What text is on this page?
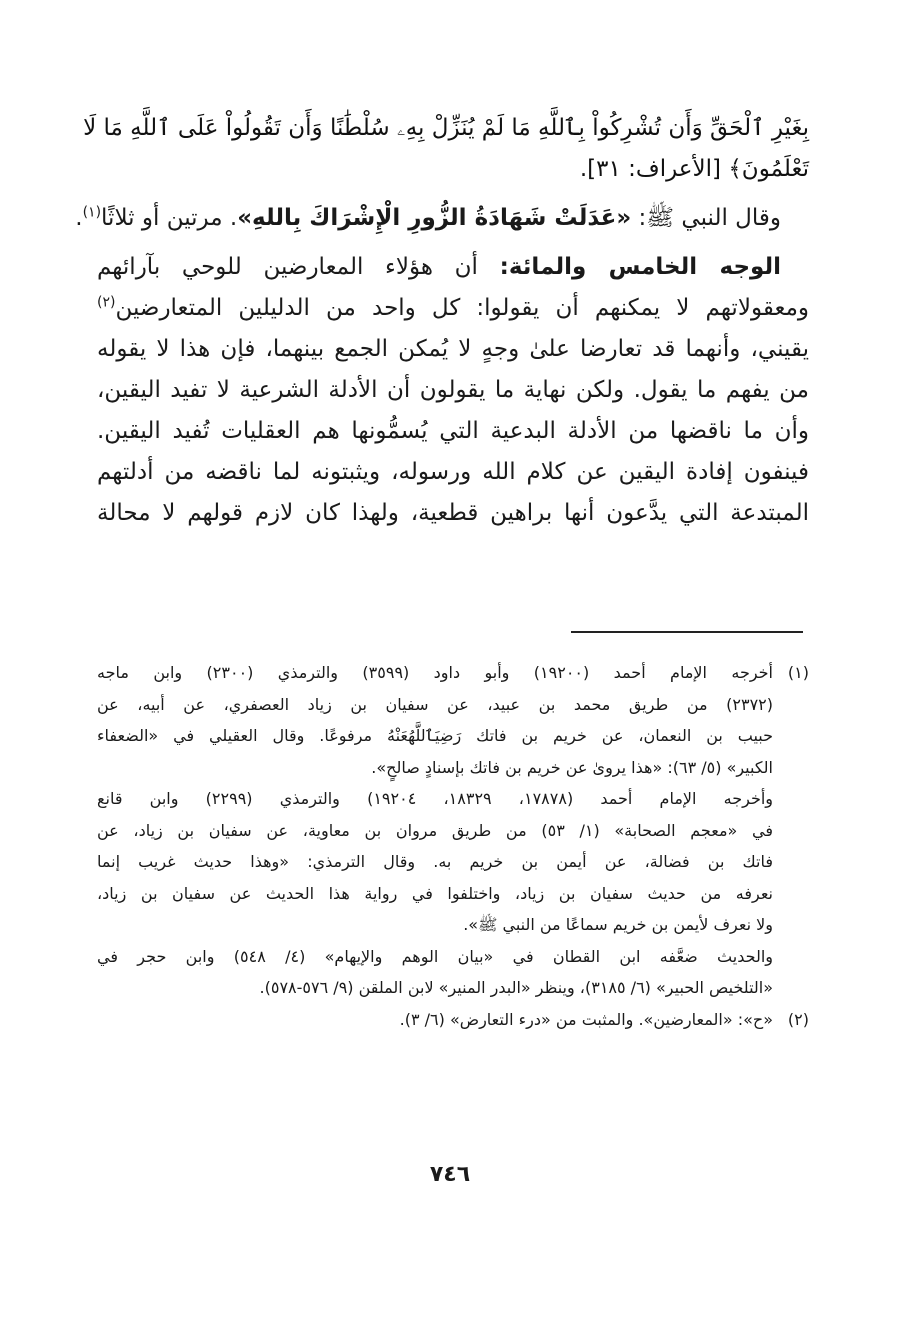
بِغَيْرِ ٱلْحَقِّ وَأَن تُشْرِكُواْ بِٱللَّهِ مَا لَمْ يُنَزِّلْ بِهِۦ سُلْطَٰنًا وَأَن تَقُولُواْ عَلَى ٱللَّهِ مَا لَا
تَعْلَمُونَ﴾ [الأعراف: ٣١].
وقال النبي ﷺ: «عَدَلَتْ شَهَادَةُ الزُّورِ الْإِشْرَاكَ بِاللهِ». مرتين أو ثلاثًا$^{(١)}$.
الوجه الخامس والمائة: أن هؤلاء المعارضين للوحي بآرائهم
ومعقولاتهم لا يمكنهم أن يقولوا: كل واحد من الدليلين المتعارضين$^{(٢)}$
يقيني، وأنهما قد تعارضا علىٰ وجهٍ لا يُمكن الجمع بينهما، فإن هذا لا يقوله
من يفهم ما يقول. ولكن نهاية ما يقولون أن الأدلة الشرعية لا تفيد اليقين،
وأن ما ناقضها من الأدلة البدعية التي يُسمُّونها هم العقليات تُفيد اليقين.
فينفون إفادة اليقين عن كلام الله ورسوله، ويثبتونه لما ناقضه من أدلتهم
المبتدعة التي يدَّعون أنها براهين قطعية، ولهذا كان لازم قولهم لا محالة
(١)أخرجه الإمام أحمد (١٩٢٠٠) وأبو داود (٣٥٩٩) والترمذي (٢٣٠٠) وابن ماجه
(٢٣٧٢) من طريق محمد بن عبيد، عن سفيان بن زياد العصفري، عن أبيه، عن
حبيب بن النعمان، عن خريم بن فاتك رَضِيَٱللَّهُعَنْهُ مرفوعًا. وقال العقيلي في «الضعفاء
الكبير» (٥/ ٦٣): «هذا يروىٰ عن خريم بن فاتك بإسنادٍ صالحٍ».
وأخرجه الإمام أحمد (١٧٨٧٨، ١٨٣٢٩، ١٩٢٠٤) والترمذي (٢٢٩٩) وابن قانع
في «معجم الصحابة» (١/ ٥٣) من طريق مروان بن معاوية، عن سفيان بن زياد، عن
فاتك بن فضالة، عن أيمن بن خريم به. وقال الترمذي: «وهذا حديث غريب إنما
نعرفه من حديث سفيان بن زياد، واختلفوا في رواية هذا الحديث عن سفيان بن زياد،
ولا نعرف لأيمن بن خريم سماعًا من النبي ﷺ».
والحديث ضعَّفه ابن القطان في «بيان الوهم والإيهام» (٤/ ٥٤٨) وابن حجر في
«التلخيص الحبير» (٦/ ٣١٨٥)، وينظر «البدر المنير» لابن الملقن (٩/ ٥٧٦-٥٧٨).
(٢)«ح»: «المعارضين». والمثبت من «درء التعارض» (٦/ ٣).
٧٤٦
